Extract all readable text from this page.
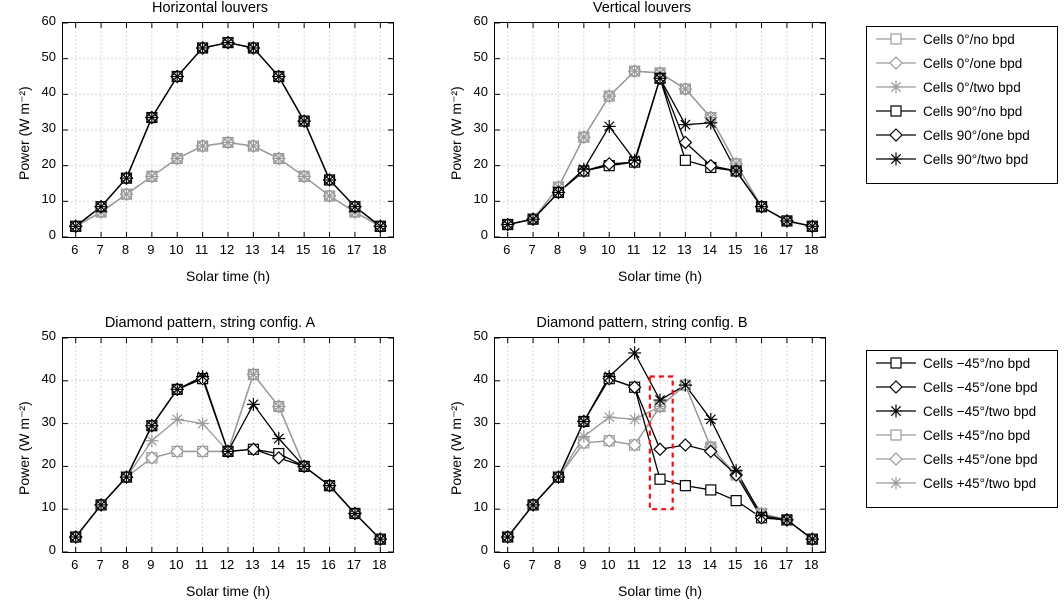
Horizontal louvers
Power (W m⁻²)
Solar time (h)
0
10
20
30
40
50
60
6	7	8	9	10 11 12 13 14 15 16 17 18
Vertical louvers
Power (W m⁻²)
Solar time (h)
0
10
20
30
40
50
60
6	7	8	9	10 11 12 13 14 15 16 17 18
Diamond pattern, string config. A
Power (W m⁻²)
Solar time (h)
0
10
20
30
40
50
6	7	8	9	10 11 12 13 14 15 16 17 18
Diamond pattern, string config. B
Power (W m⁻²)
Solar time (h)
0
10
20
30
40
50
6	7	8	9	10 11 12 13 14 15 16 17 18
Cells 0°/no bpd
Cells 0°/one bpd
Cells 0°/two bpd
Cells 90°/no bpd
Cells 90°/one bpd
Cells 90°/two bpd
Cells −45°/no bpd
Cells −45°/one bpd
Cells −45°/two bpd
Cells +45°/no bpd
Cells +45°/one bpd
Cells +45°/two bpd
